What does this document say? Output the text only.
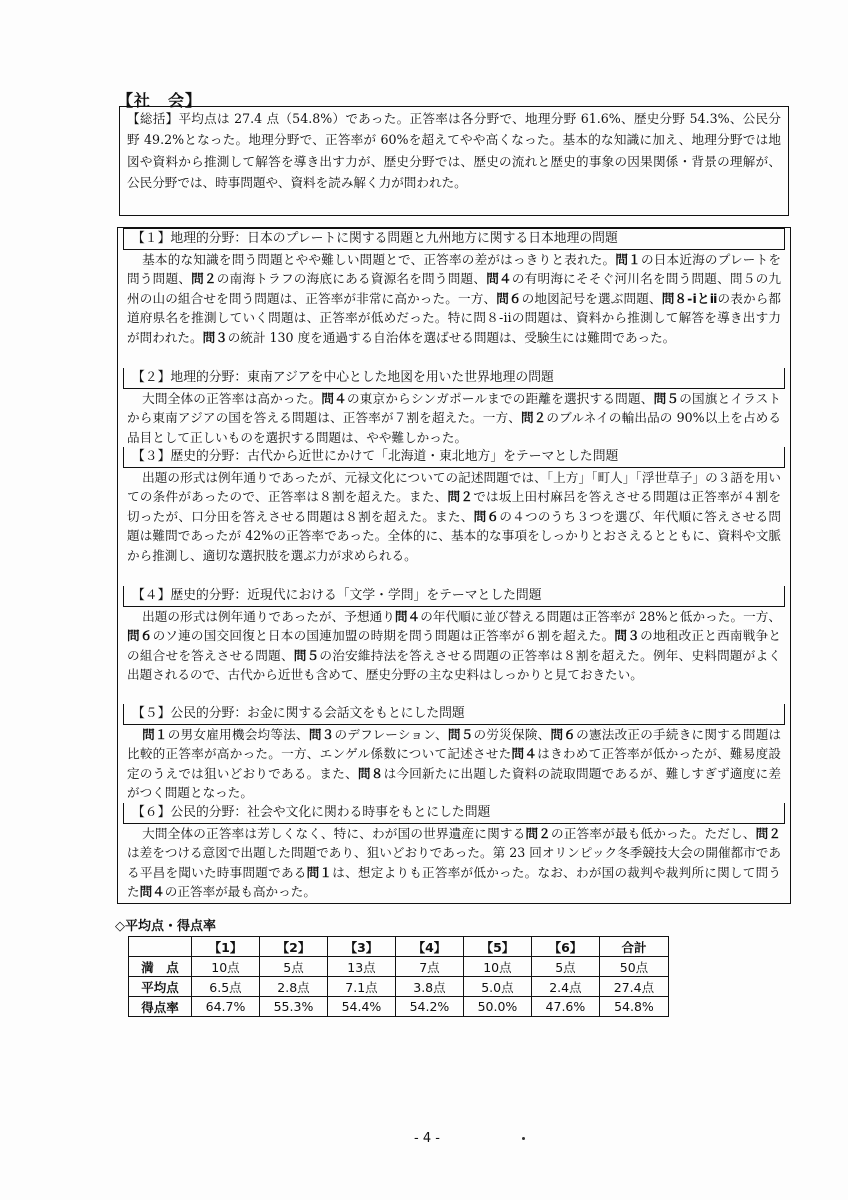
【社　会】
【総括】平均点は 27.4 点（54.8%）であった。正答率は各分野で、地理分野 61.6%、歴史分野 54.3%、公民分野 49.2%となった。地理分野で、正答率が 60%を超えてやや高くなった。基本的な知識に加え、地理分野では地図や資料から推測して解答を導き出す力が、歴史分野では、歴史の流れと歴史的事象の因果関係・背景の理解が、公民分野では、時事問題や、資料を読み解く力が問われた。
【１】地理的分野：日本のプレートに関する問題と九州地方に関する日本地理の問題
基本的な知識を問う問題とやや難しい問題とで、正答率の差がはっきりと表れた。問１の日本近海のプレートを問う問題、問２の南海トラフの海底にある資源名を問う問題、問４の有明海にそそぐ河川名を問う問題、問５の九州の山の組合せを問う問題は、正答率が非常に高かった。一方、問６の地図記号を選ぶ問題、問８-ⅰとⅱの表から都道府県名を推測していく問題は、正答率が低めだった。特に問８-ⅱの問題は、資料から推測して解答を導き出す力が問われた。問３の統計 130 度を通過する自治体を選ばせる問題は、受験生には難問であった。
【２】地理的分野：東南アジアを中心とした地図を用いた世界地理の問題
大問全体の正答率は高かった。問４の東京からシンガポールまでの距離を選択する問題、問５の国旗とイラストから東南アジアの国を答える問題は、正答率が７割を超えた。一方、問２のブルネイの輸出品の 90%以上を占める品目として正しいものを選択する問題は、やや難しかった。
【３】歴史的分野：古代から近世にかけて「北海道・東北地方」をテーマとした問題
出題の形式は例年通りであったが、元禄文化についての記述問題では、「上方」「町人」「浮世草子」の３語を用いての条件があったので、正答率は８割を超えた。また、問２では坂上田村麻呂を答えさせる問題は正答率が４割を切ったが、口分田を答えさせる問題は８割を超えた。また、問６の４つのうち３つを選び、年代順に答えさせる問題は難問であったが 42%の正答率であった。全体的に、基本的な事項をしっかりとおさえるとともに、資料や文脈から推測し、適切な選択肢を選ぶ力が求められる。
【４】歴史的分野：近現代における「文学・学問」をテーマとした問題
出題の形式は例年通りであったが、予想通り問４の年代順に並び替える問題は正答率が 28%と低かった。一方、問６のソ連の国交回復と日本の国連加盟の時期を問う問題は正答率が６割を超えた。問３の地租改正と西南戦争との組合せを答えさせる問題、問５の治安維持法を答えさせる問題の正答率は８割を超えた。例年、史料問題がよく出題されるので、古代から近世も含めて、歴史分野の主な史料はしっかりと見ておきたい。
【５】公民的分野：お金に関する会話文をもとにした問題
問１の男女雇用機会均等法、問３のデフレーション、問５の労災保険、問６の憲法改正の手続きに関する問題は比較的正答率が高かった。一方、エンゲル係数について記述させた問４はきわめて正答率が低かったが、難易度設定のうえでは狙いどおりである。また、問８は今回新たに出題した資料の読取問題であるが、難しすぎず適度に差がつく問題となった。
【６】公民的分野：社会や文化に関わる時事をもとにした問題
大問全体の正答率は芳しくなく、特に、わが国の世界遺産に関する問２の正答率が最も低かった。ただし、問２は差をつける意図で出題した問題であり、狙いどおりであった。第 23 回オリンピック冬季競技大会の開催都市である平昌を聞いた時事問題である問１は、想定よりも正答率が低かった。なお、わが国の裁判や裁判所に関して問うた問４の正答率が最も高かった。
◇平均点・得点率
	【1】	【2】	【3】	【4】	【5】	【6】	合計
満　点	10点	5点	13点	7点	10点	5点	50点
平均点	6.5点	2.8点	7.1点	3.8点	5.0点	2.4点	27.4点
得点率	64.7%	55.3%	54.4%	54.2%	50.0%	47.6%	54.8%
- 4 -
